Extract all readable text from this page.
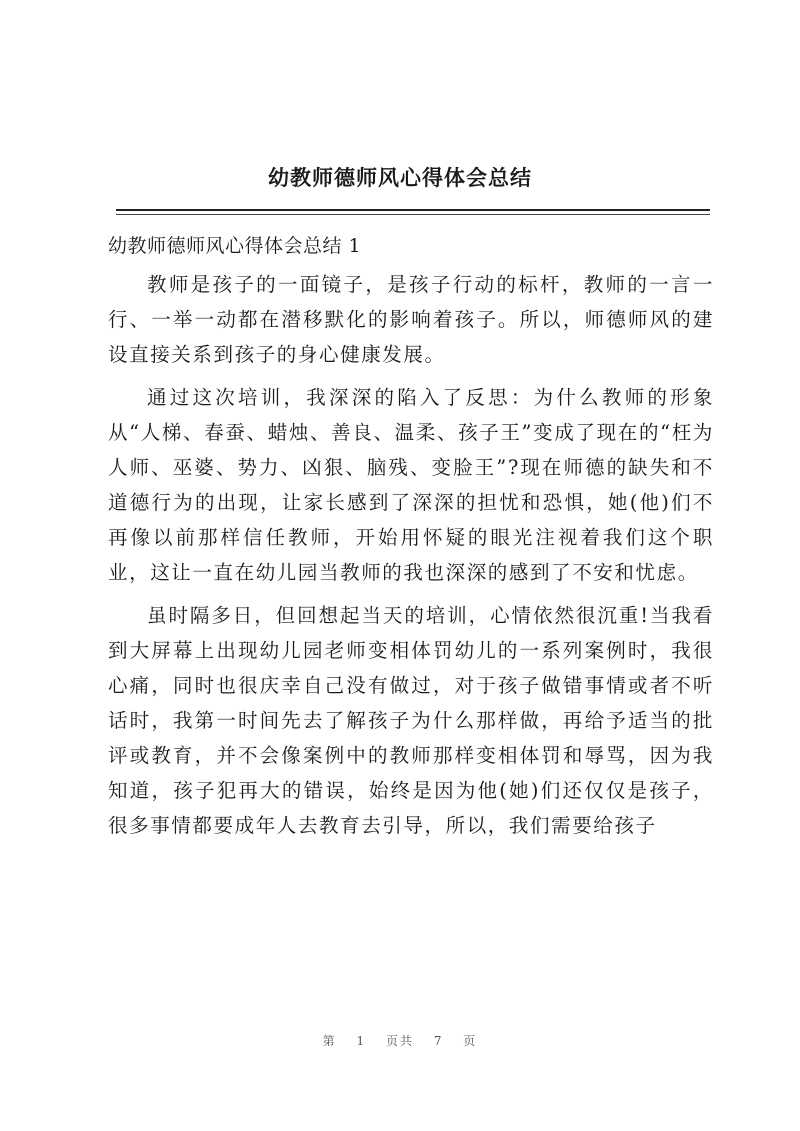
幼教师德师风心得体会总结
幼教师德师风心得体会总结 1

教师是孩子的一面镜子，是孩子行动的标杆，教师的一言一行、一举一动都在潜移默化的影响着孩子。所以，师德师风的建设直接关系到孩子的身心健康发展。

通过这次培训，我深深的陷入了反思：为什么教师的形象从“人梯、春蚕、蜡烛、善良、温柔、孩子王”变成了现在的“枉为人师、巫婆、势力、凶狠、脑残、变脸王”?现在师德的缺失和不道德行为的出现，让家长感到了深深的担忧和恐惧，她(他)们不再像以前那样信任教师，开始用怀疑的眼光注视着我们这个职业，这让一直在幼儿园当教师的我也深深的感到了不安和忧虑。

虽时隔多日，但回想起当天的培训，心情依然很沉重!当我看到大屏幕上出现幼儿园老师变相体罚幼儿的一系列案例时，我很心痛，同时也很庆幸自己没有做过，对于孩子做错事情或者不听话时，我第一时间先去了解孩子为什么那样做，再给予适当的批评或教育，并不会像案例中的教师那样变相体罚和辱骂，因为我知道，孩子犯再大的错误，始终是因为他(她)们还仅仅是孩子，很多事情都要成年人去教育去引导，所以，我们需要给孩子

第 1 页共 7 页
